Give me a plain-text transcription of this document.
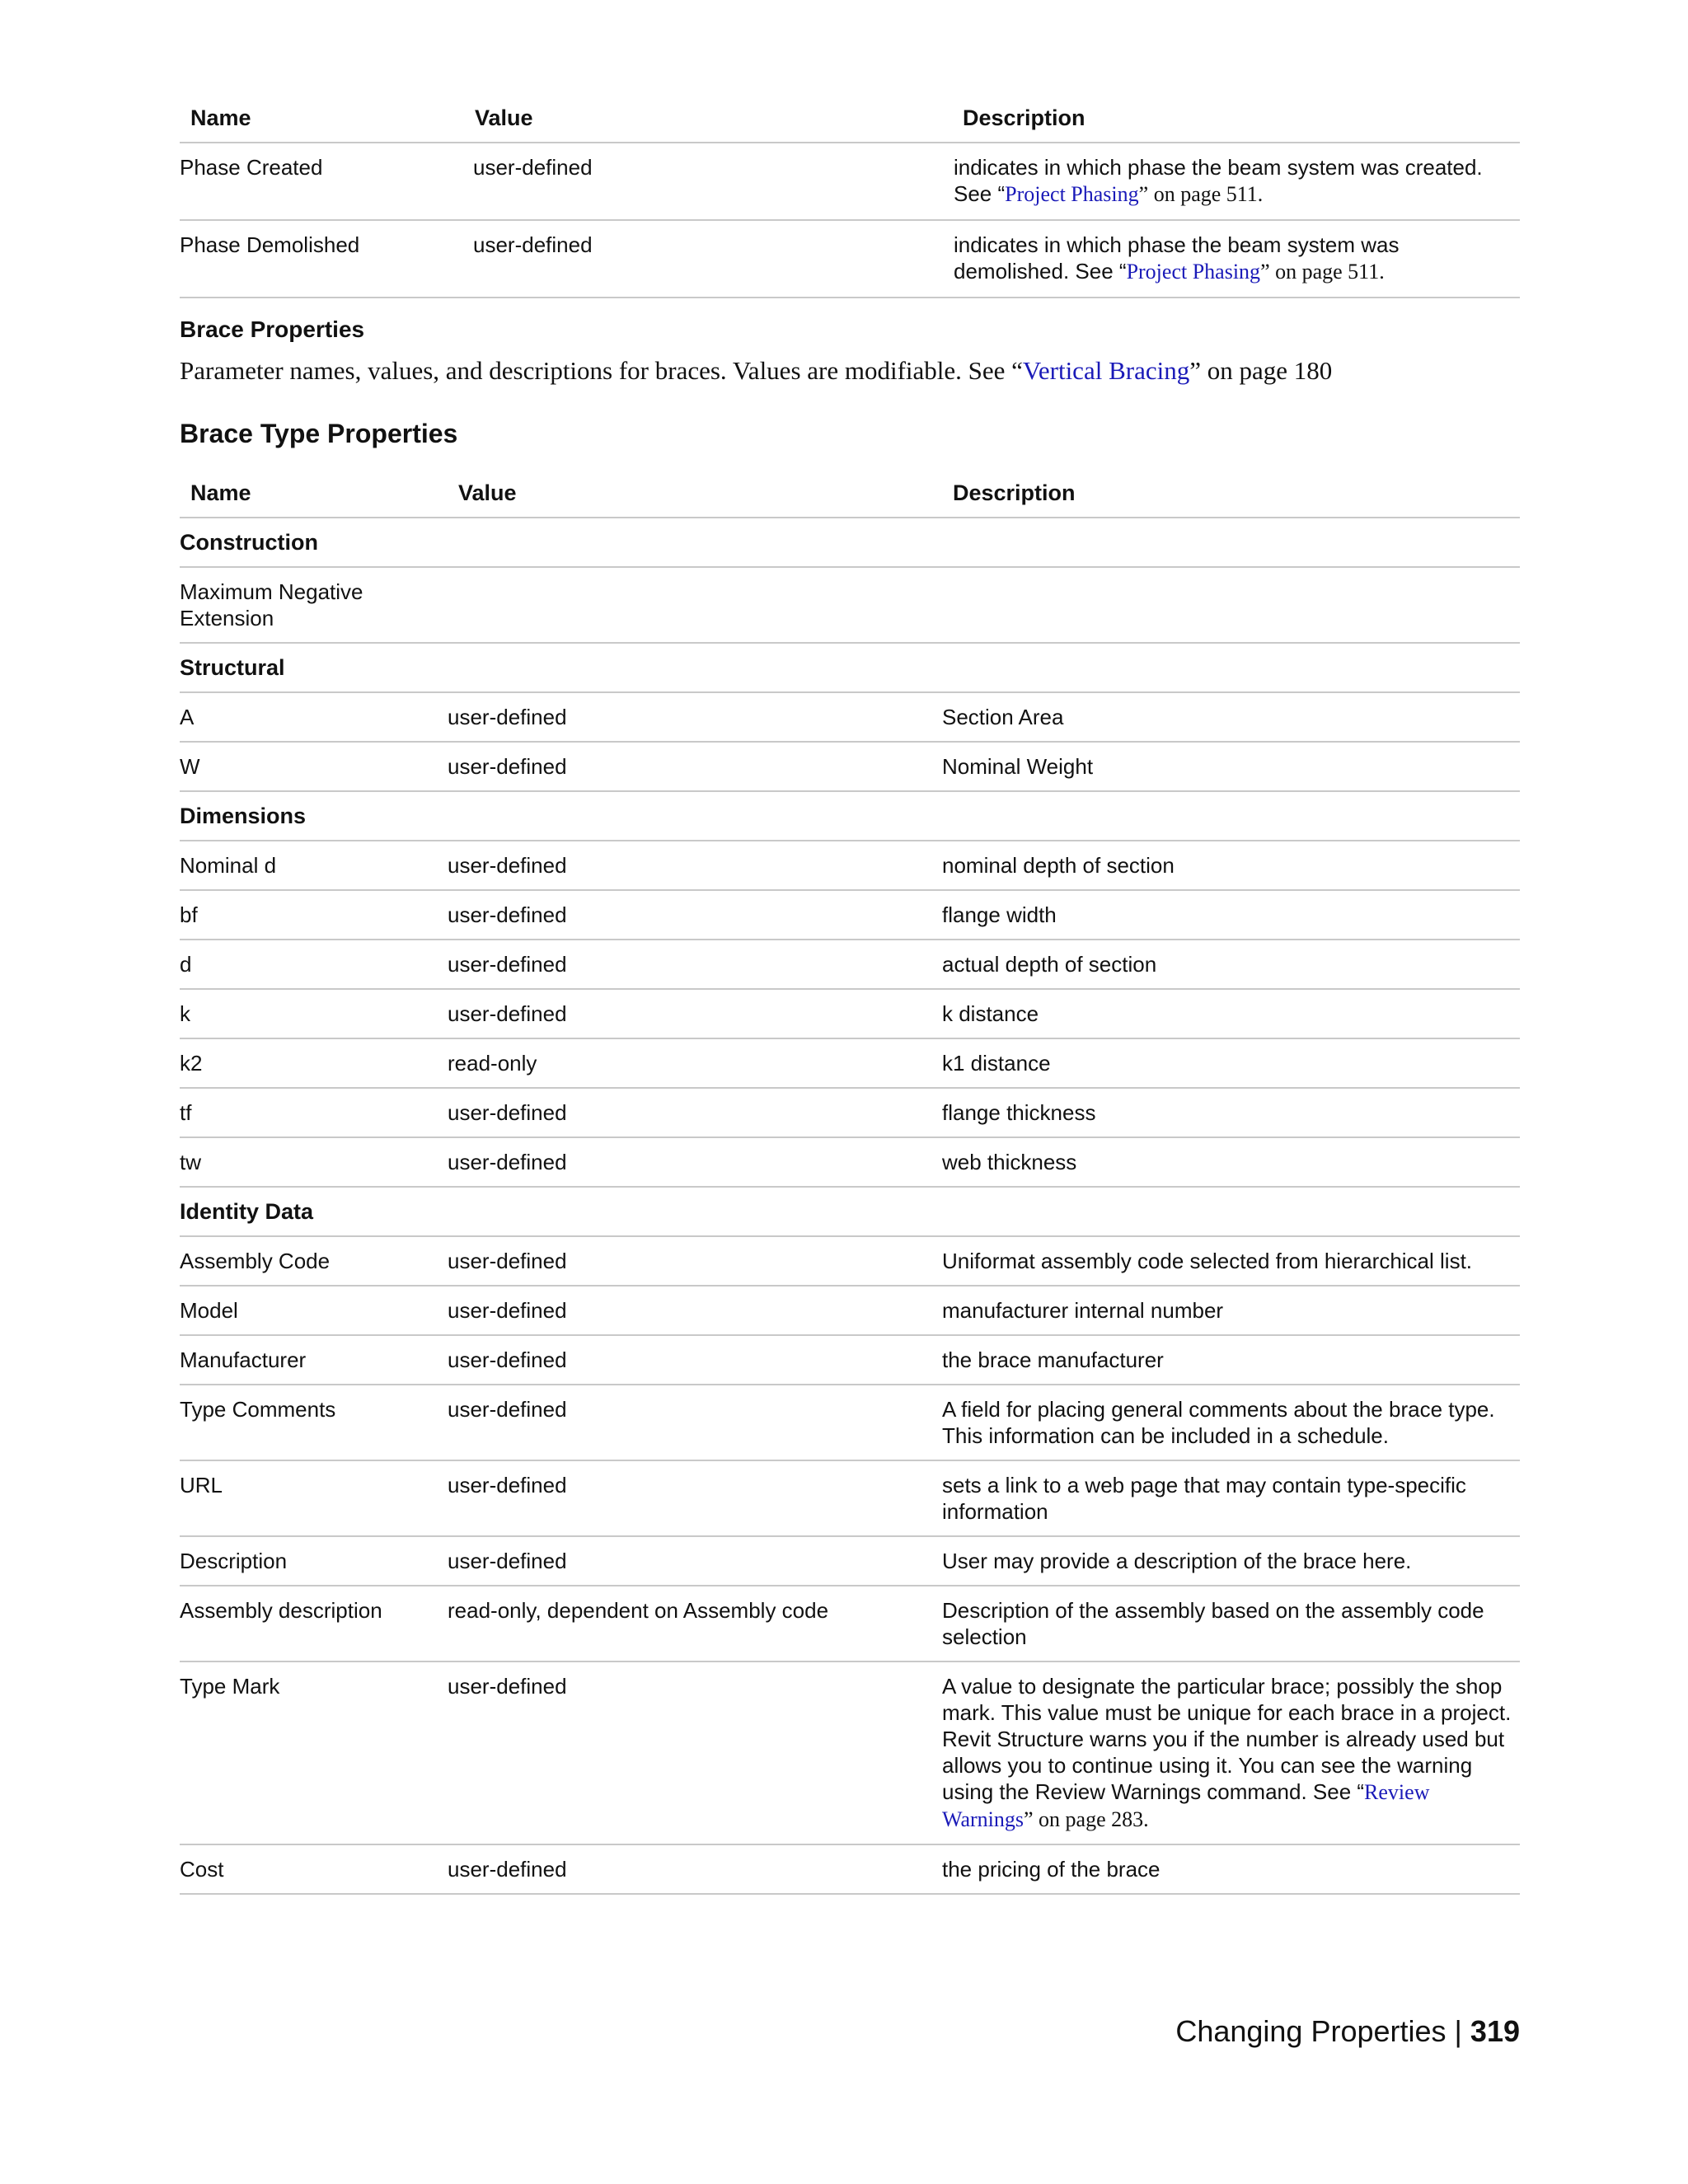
Name	Value	Description
Phase Created	user-defined	indicates in which phase the beam system was created. See “Project Phasing” on page 511.
Phase Demolished	user-defined	indicates in which phase the beam system was demolished. See “Project Phasing” on page 511.
Brace Properties
Parameter names, values, and descriptions for braces. Values are modifiable. See “Vertical Bracing” on page 180
Brace Type Properties
Name	Value	Description
Construction		
Maximum Negative Extension		
Structural		
A	user-defined	Section Area
W	user-defined	Nominal Weight
Dimensions		
Nominal d	user-defined	nominal depth of section
bf	user-defined	flange width
d	user-defined	actual depth of section
k	user-defined	k distance
k2	read-only	k1 distance
tf	user-defined	flange thickness
tw	user-defined	web thickness
Identity Data		
Assembly Code	user-defined	Uniformat assembly code selected from hierarchical list.
Model	user-defined	manufacturer internal number
Manufacturer	user-defined	the brace manufacturer
Type Comments	user-defined	A field for placing general comments about the brace type. This information can be included in a schedule.
URL	user-defined	sets a link to a web page that may contain type-specific information
Description	user-defined	User may provide a description of the brace here.
Assembly description	read-only, dependent on Assembly code	Description of the assembly based on the assembly code selection
Type Mark	user-defined	A value to designate the particular brace; possibly the shop mark. This value must be unique for each brace in a project. Revit Structure warns you if the number is already used but allows you to continue using it. You can see the warning using the Review Warnings command. See “Review Warnings” on page 283.
Cost	user-defined	the pricing of the brace
Changing Properties | 319
